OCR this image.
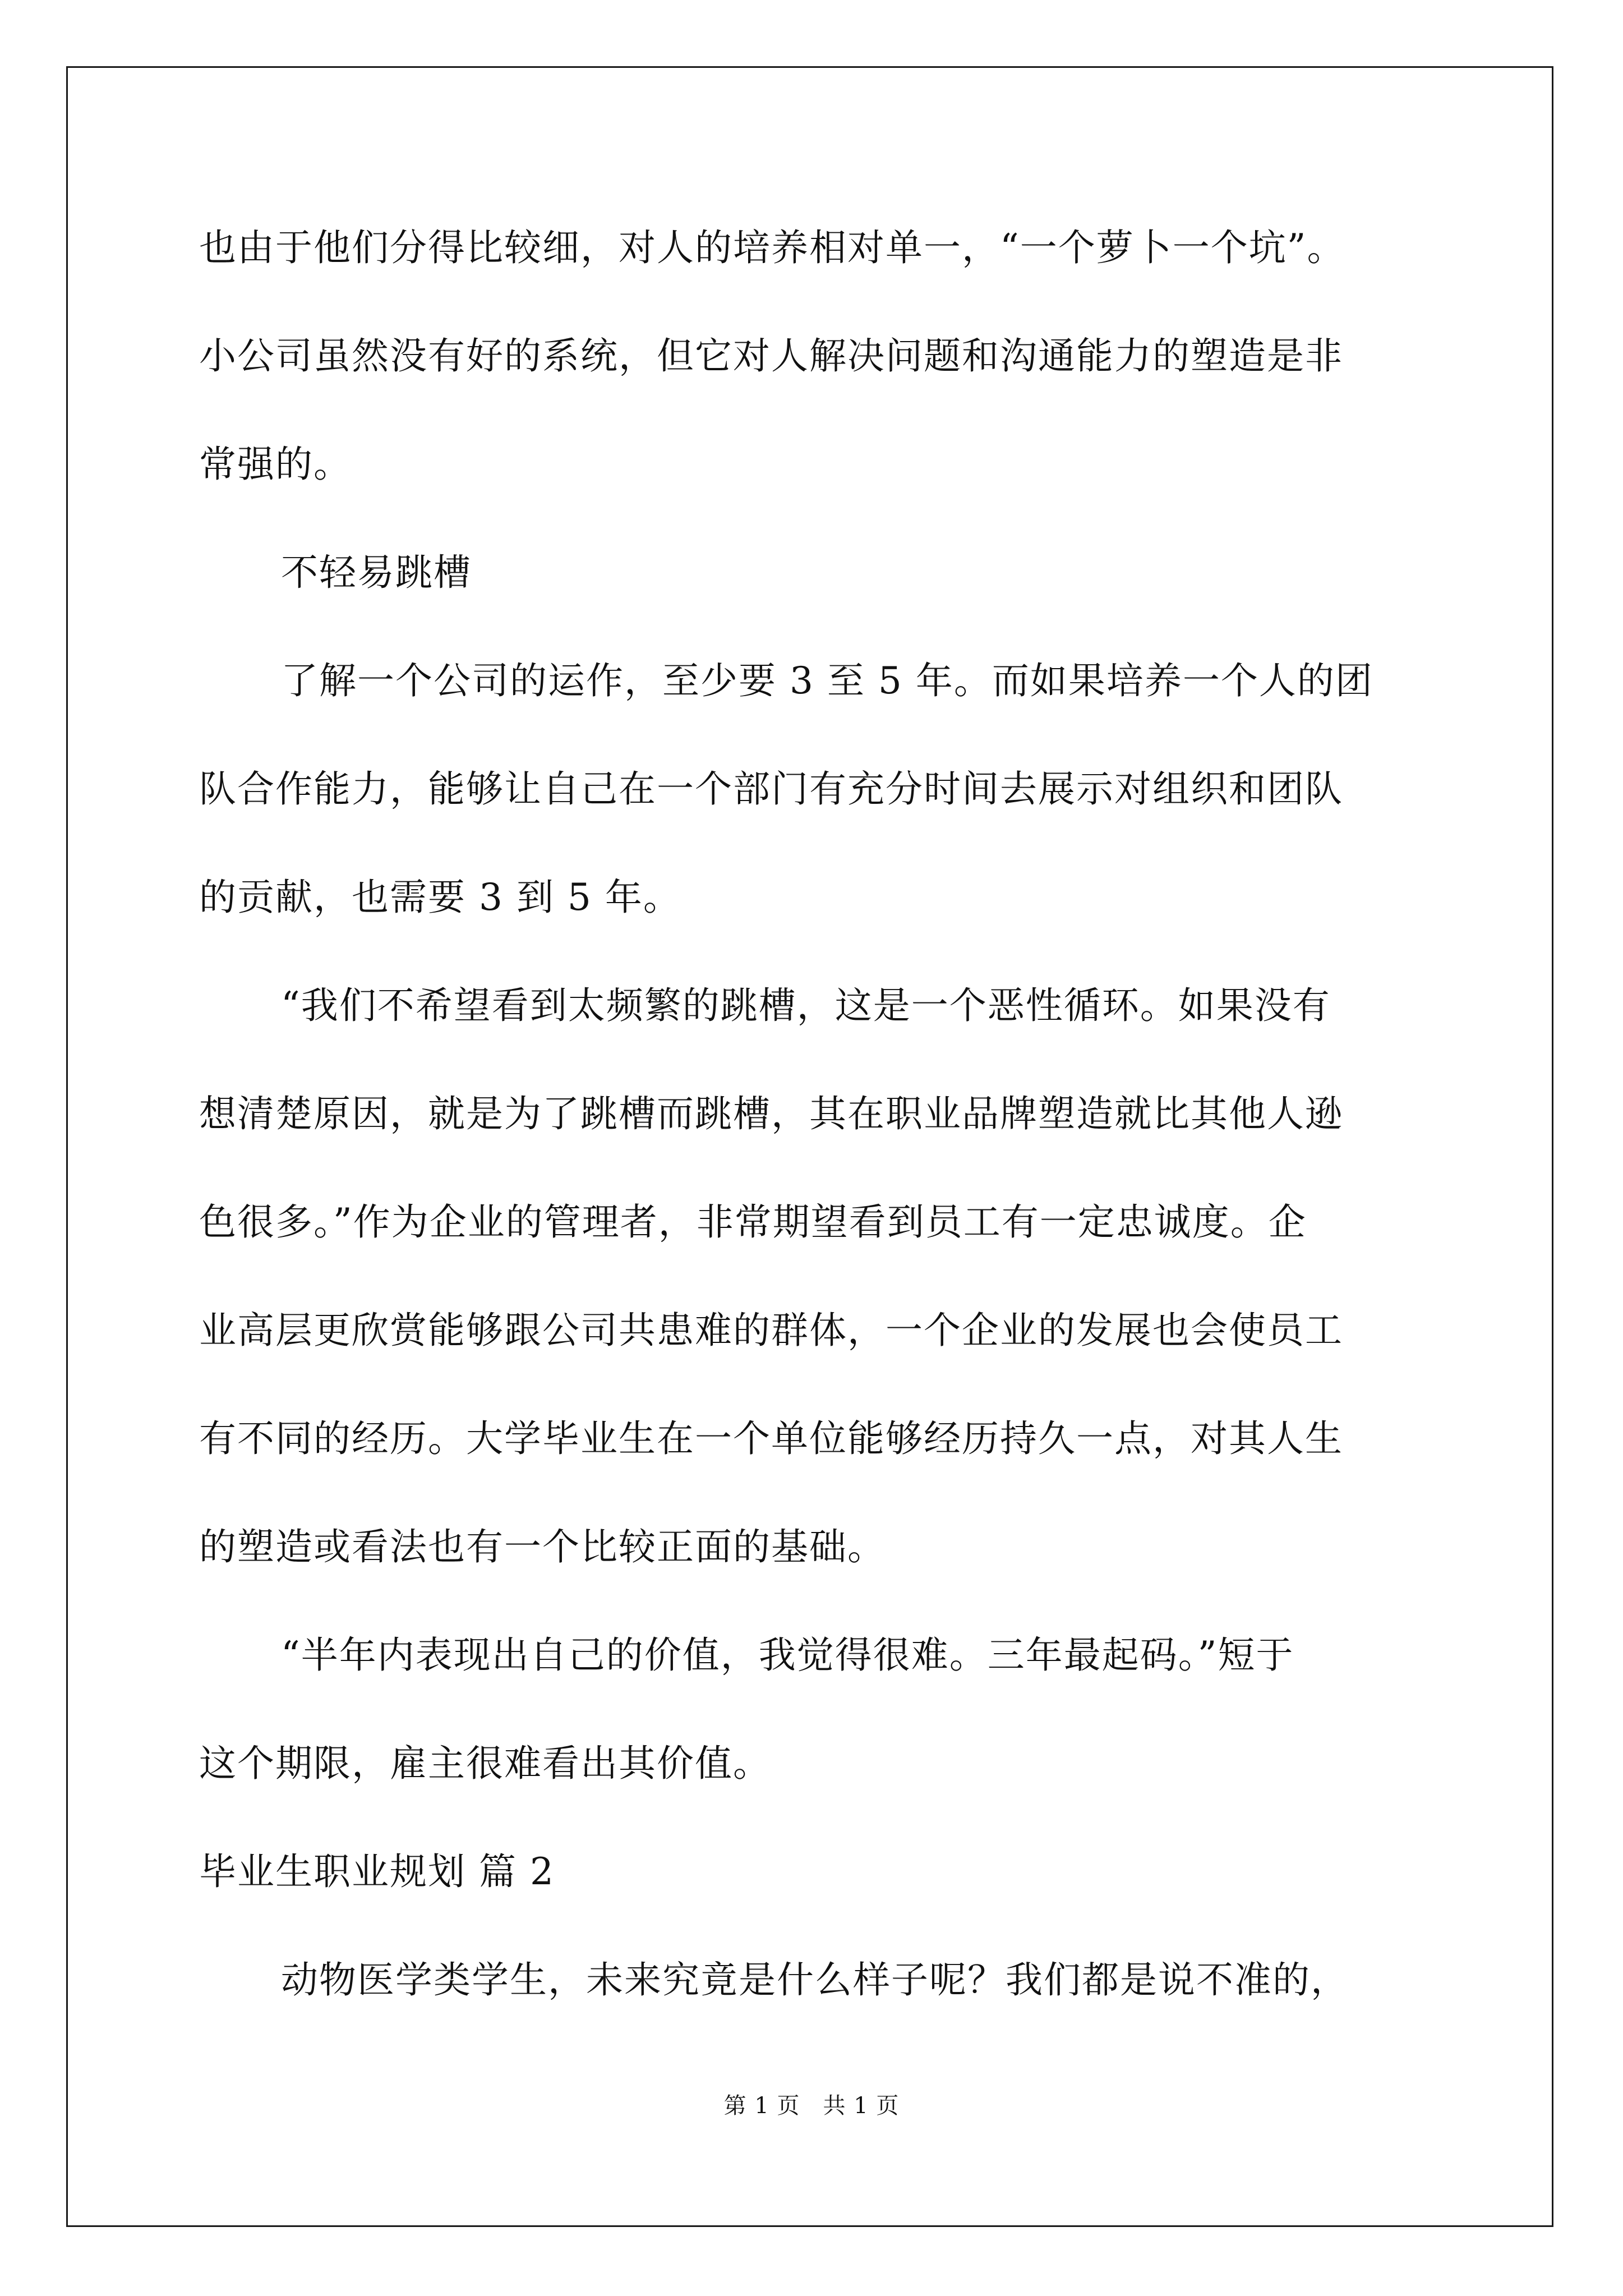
也由于他们分得比较细，对人的培养相对单一，“一个萝卜一个坑”。

小公司虽然没有好的系统，但它对人解决问题和沟通能力的塑造是非

常强的。

不轻易跳槽

了解一个公司的运作，至少要 3 至 5 年。而如果培养一个人的团

队合作能力，能够让自己在一个部门有充分时间去展示对组织和团队

的贡献，也需要 3 到 5 年。

“我们不希望看到太频繁的跳槽，这是一个恶性循环。如果没有

想清楚原因，就是为了跳槽而跳槽，其在职业品牌塑造就比其他人逊

色很多。”作为企业的管理者，非常期望看到员工有一定忠诚度。企

业高层更欣赏能够跟公司共患难的群体，一个企业的发展也会使员工

有不同的经历。大学毕业生在一个单位能够经历持久一点，对其人生

的塑造或看法也有一个比较正面的基础。

“半年内表现出自己的价值，我觉得很难。三年最起码。”短于

这个期限，雇主很难看出其价值。

毕业生职业规划 篇 2

动物医学类学生，未来究竟是什么样子呢？我们都是说不准的，

第 1 页　共 1 页
